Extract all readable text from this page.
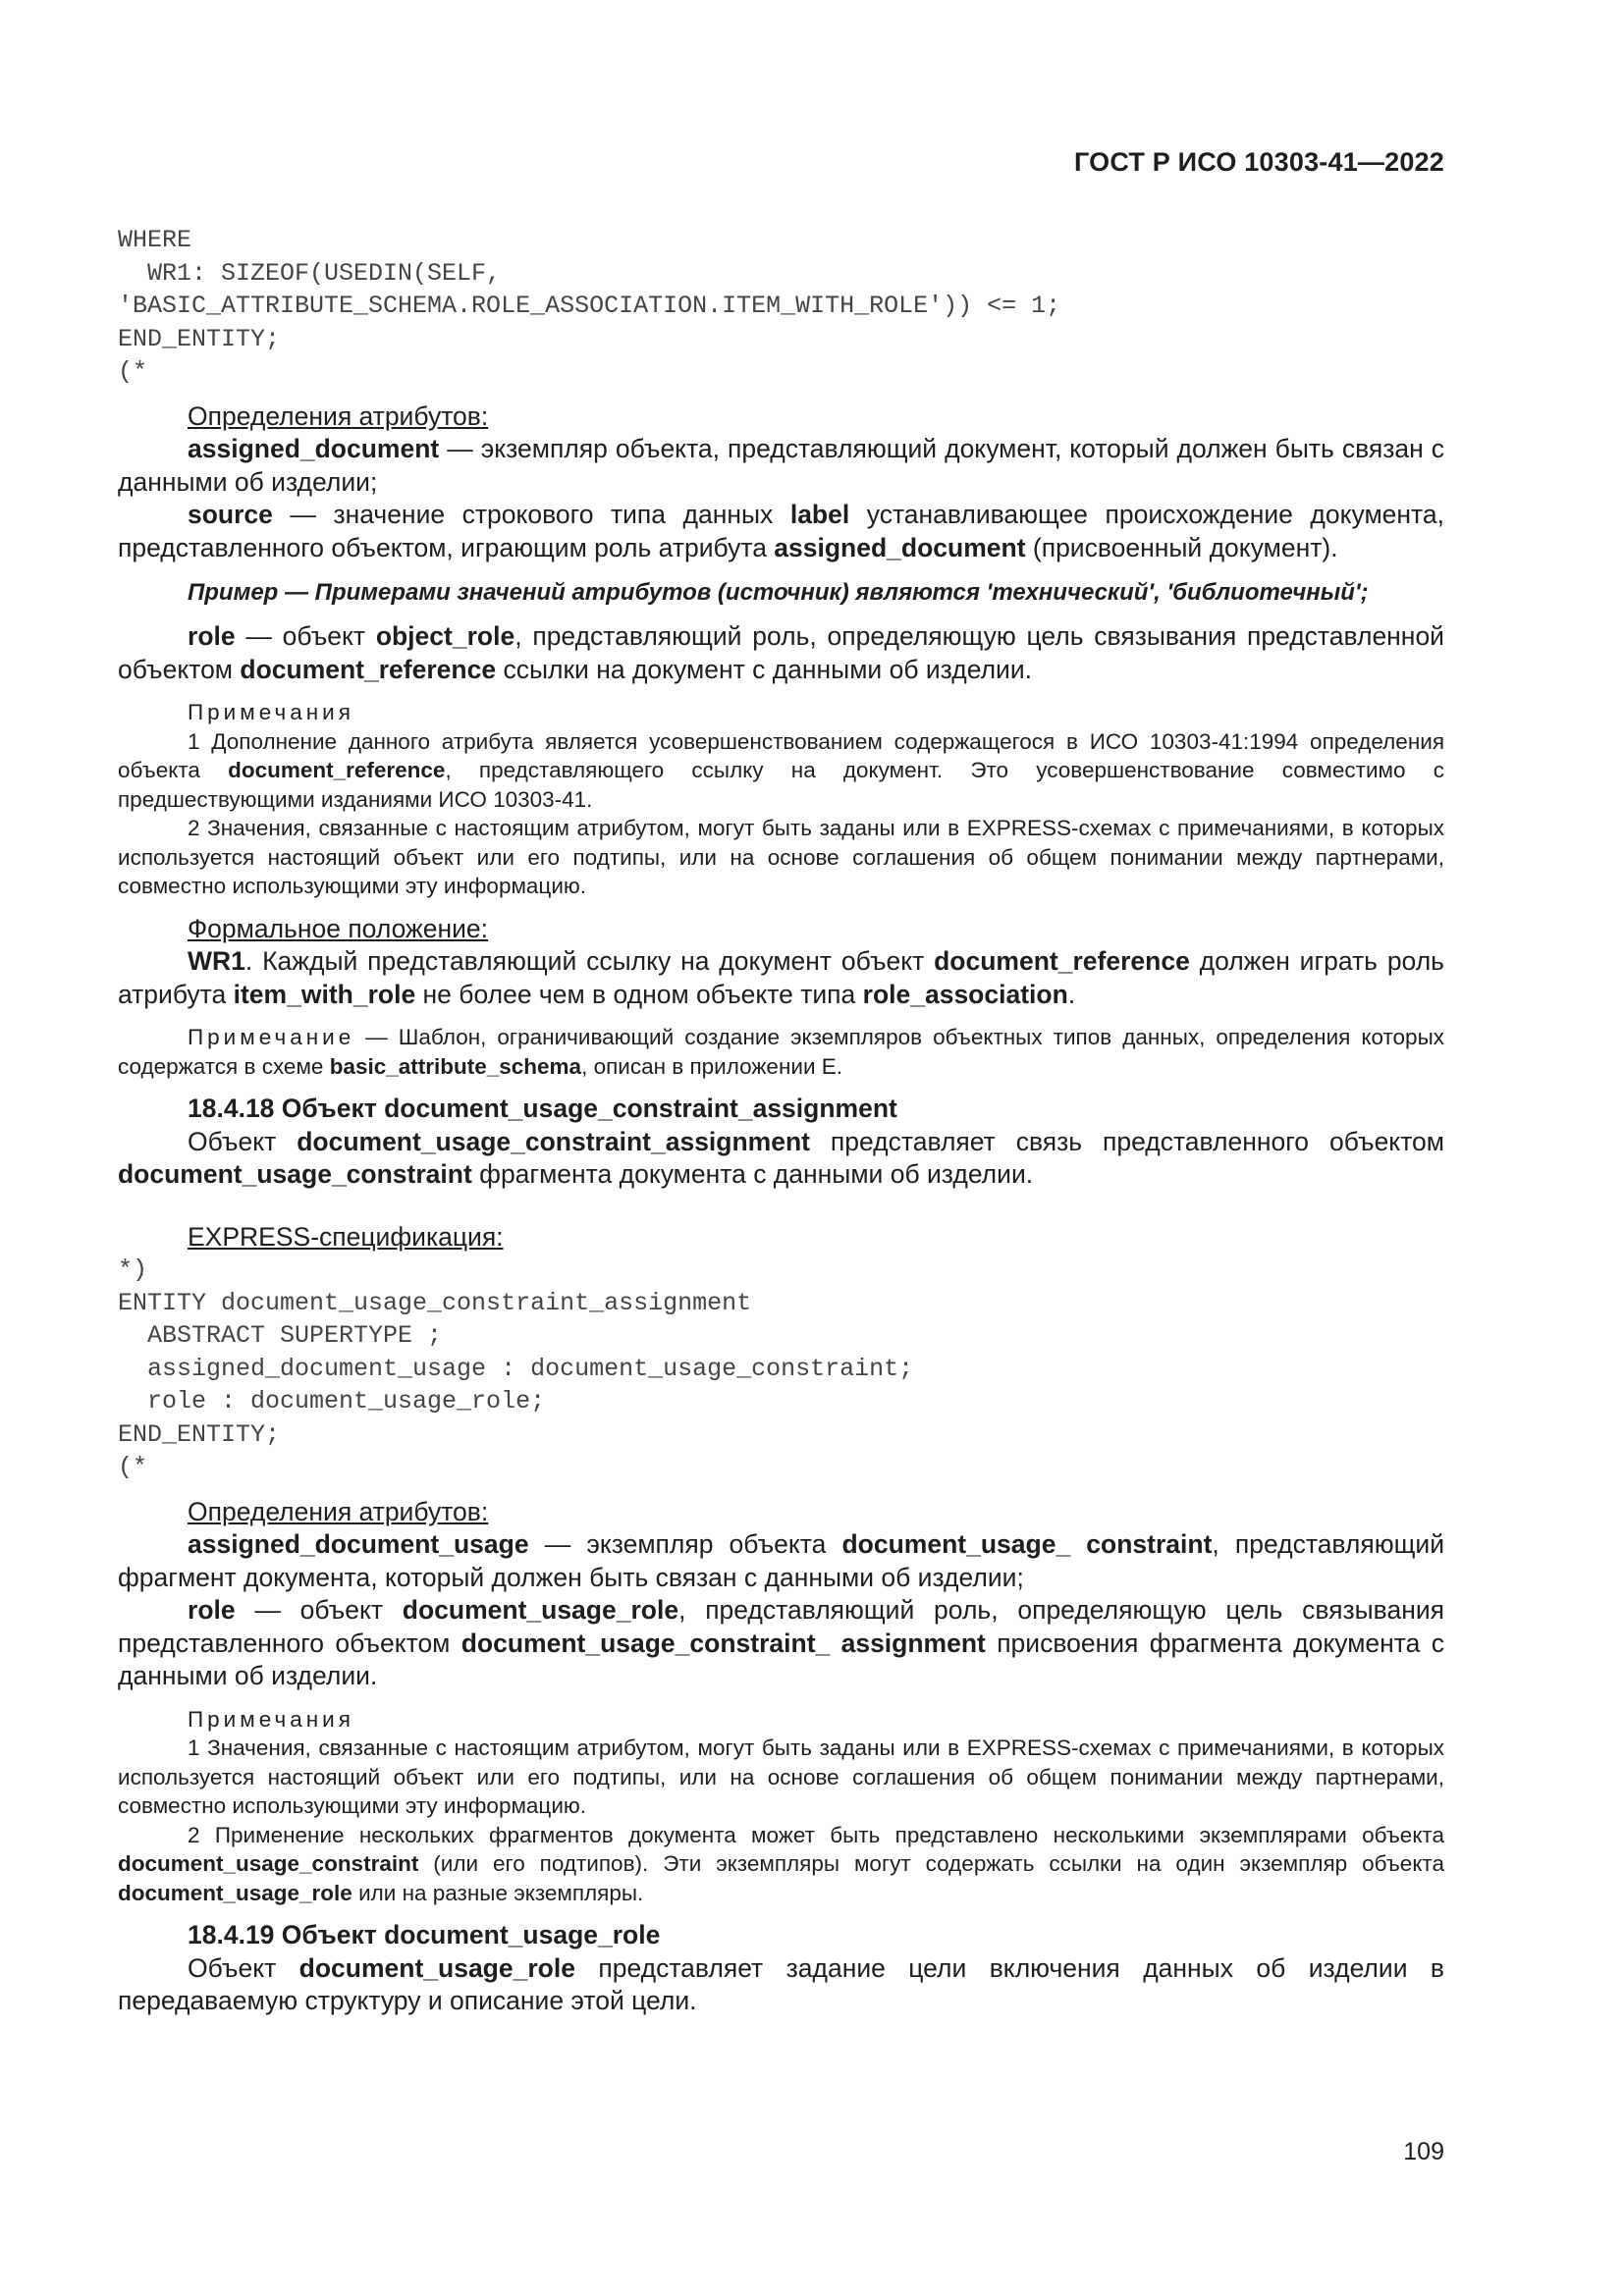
ГОСТ Р ИСО 10303-41—2022
WHERE
WR1: SIZEOF(USEDIN(SELF,
'BASIC_ATTRIBUTE_SCHEMA.ROLE_ASSOCIATION.ITEM_WITH_ROLE')) <= 1;
END_ENTITY;
(*

Определения атрибутов:

assigned_document — экземпляр объекта, представляющий документ, который должен быть связан с данными об изделии;

source — значение строкового типа данных label устанавливающее происхождение документа, представленного объектом, играющим роль атрибута assigned_document (присвоенный документ).

Пример — Примерами значений атрибутов (источник) являются 'технический', 'библиотечный';

role — объект object_role, представляющий роль, определяющую цель связывания представленной объектом document_reference ссылки на документ с данными об изделии.

Примечания

1 Дополнение данного атрибута является усовершенствованием содержащегося в ИСО 10303-41:1994 определения объекта document_reference, представляющего ссылку на документ. Это усовершенствование совместимо с предшествующими изданиями ИСО 10303-41.

2 Значения, связанные с настоящим атрибутом, могут быть заданы или в EXPRESS-схемах с примечаниями, в которых используется настоящий объект или его подтипы, или на основе соглашения об общем понимании между партнерами, совместно использующими эту информацию.

Формальное положение:

WR1. Каждый представляющий ссылку на документ объект document_reference должен играть роль атрибута item_with_role не более чем в одном объекте типа role_association.

Примечание — Шаблон, ограничивающий создание экземпляров объектных типов данных, определения которых содержатся в схеме basic_attribute_schema, описан в приложении E.

18.4.18 Объект document_usage_constraint_assignment

Объект document_usage_constraint_assignment представляет связь представленного объектом document_usage_constraint фрагмента документа с данными об изделии.

EXPRESS-спецификация:

*)
ENTITY document_usage_constraint_assignment
ABSTRACT SUPERTYPE ;
assigned_document_usage : document_usage_constraint;
role : document_usage_role;
END_ENTITY;
(*

Определения атрибутов:

assigned_document_usage — экземпляр объекта document_usage_ constraint, представляющий фрагмент документа, который должен быть связан с данными об изделии;

role — объект document_usage_role, представляющий роль, определяющую цель связывания представленного объектом document_usage_constraint_ assignment присвоения фрагмента документа с данными об изделии.

Примечания

1 Значения, связанные с настоящим атрибутом, могут быть заданы или в EXPRESS-схемах с примечаниями, в которых используется настоящий объект или его подтипы, или на основе соглашения об общем понимании между партнерами, совместно использующими эту информацию.

2 Применение нескольких фрагментов документа может быть представлено несколькими экземплярами объекта document_usage_constraint (или его подтипов). Эти экземпляры могут содержать ссылки на один экземпляр объекта document_usage_role или на разные экземпляры.

18.4.19 Объект document_usage_role

Объект document_usage_role представляет задание цели включения данных об изделии в передаваемую структуру и описание этой цели.

109
